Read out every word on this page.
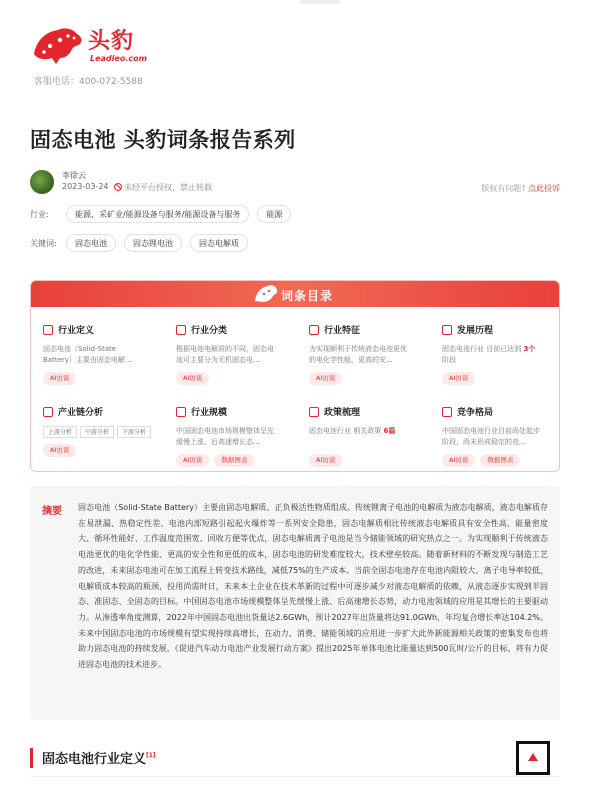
头豹
Leadleo.com
客服电话：400-072-5588
固态电池 头豹词条报告系列
李徐云
2023-03-24	未经平台授权，禁止转载	版权有问题? 点此投诉
行业:	能源、采矿业/能源设备与服务/能源设备与服务	能源
关键词:	固态电池	固态锂电池	固态电解质
词条目录
行业定义
固态电池（Solid-State Battery）主要由固态电解...
AI访谈
行业分类
根据电池电解质的不同，固态电池可主要分为无机固态电...
AI访谈
行业特征
为实现顺利于传统液态电池更优的电化学性能、更高的安...
AI访谈
发展历程
固态电池行业 目前已达到 3个阶段
AI访谈
产业链分析
上游分析 中游分析 下游分析
AI访谈
行业规模
中国固态电池市场规模整体呈先缓慢上涨、后高速增长态...
AI访谈	数据图表
政策梳理
固态电池行业 相关政策 6篇
AI访谈
竞争格局
中国固态电池行业目前尚处起步阶段，尚未形成稳定的竞...
AI访谈	数据图表
摘要 固态电池（Solid-State Battery）主要由固态电解质、正负极活性物质组成。传统锂离子电池的电解质为液态电解质，液态电解质存在易泄漏、热稳定性差、电池内部短路引起起火爆炸等一系列安全隐患，固态电解质相比传统液态电解质具有安全性高、能量密度大、循环性能好、工作温度范围宽、回收方便等优点，固态电解质离子电池是当今储能领域的研究热点之一。为实现顺利于传统液态电池更优的电化学性能、更高的安全性和更低的成本，固态电池的研发难度较大，技术壁垒较高。随着新材料的不断发现与制造工艺的改进，未来固态电池可在加工流程上转变技术路线，减低75%的生产成本。当前全固态电池存在电池内阻较大、离子电导率较低、电解质成本较高的瓶颈，投用尚需时日，未来本土企业在技术革新的过程中可逐步减少对液态电解质的依赖，从液态逐步实现到半固态、准固态、全固态的目标。中国固态电池市场规模整体呈先缓慢上涨、后高速增长态势，动力电池领域的应用是其增长的主要驱动力。从渗透率角度测算，2022年中国固态电池出货量达2.6GWh，预计2027年出货量将达91.0GWh，年均复合增长率达104.2%。未来中国固态电池的市场规模有望实现持续高增长，在动力、消费、储能领域的应用进一步扩大此外新能源相关政策的密集发布也将助力固态电池的持续发展，《促进汽车动力电池产业发展行动方案》提出2025年单体电池比能量达到500瓦时/公斤的目标，将有力促进固态电池的技术进步。

固态电池行业定义[1]
